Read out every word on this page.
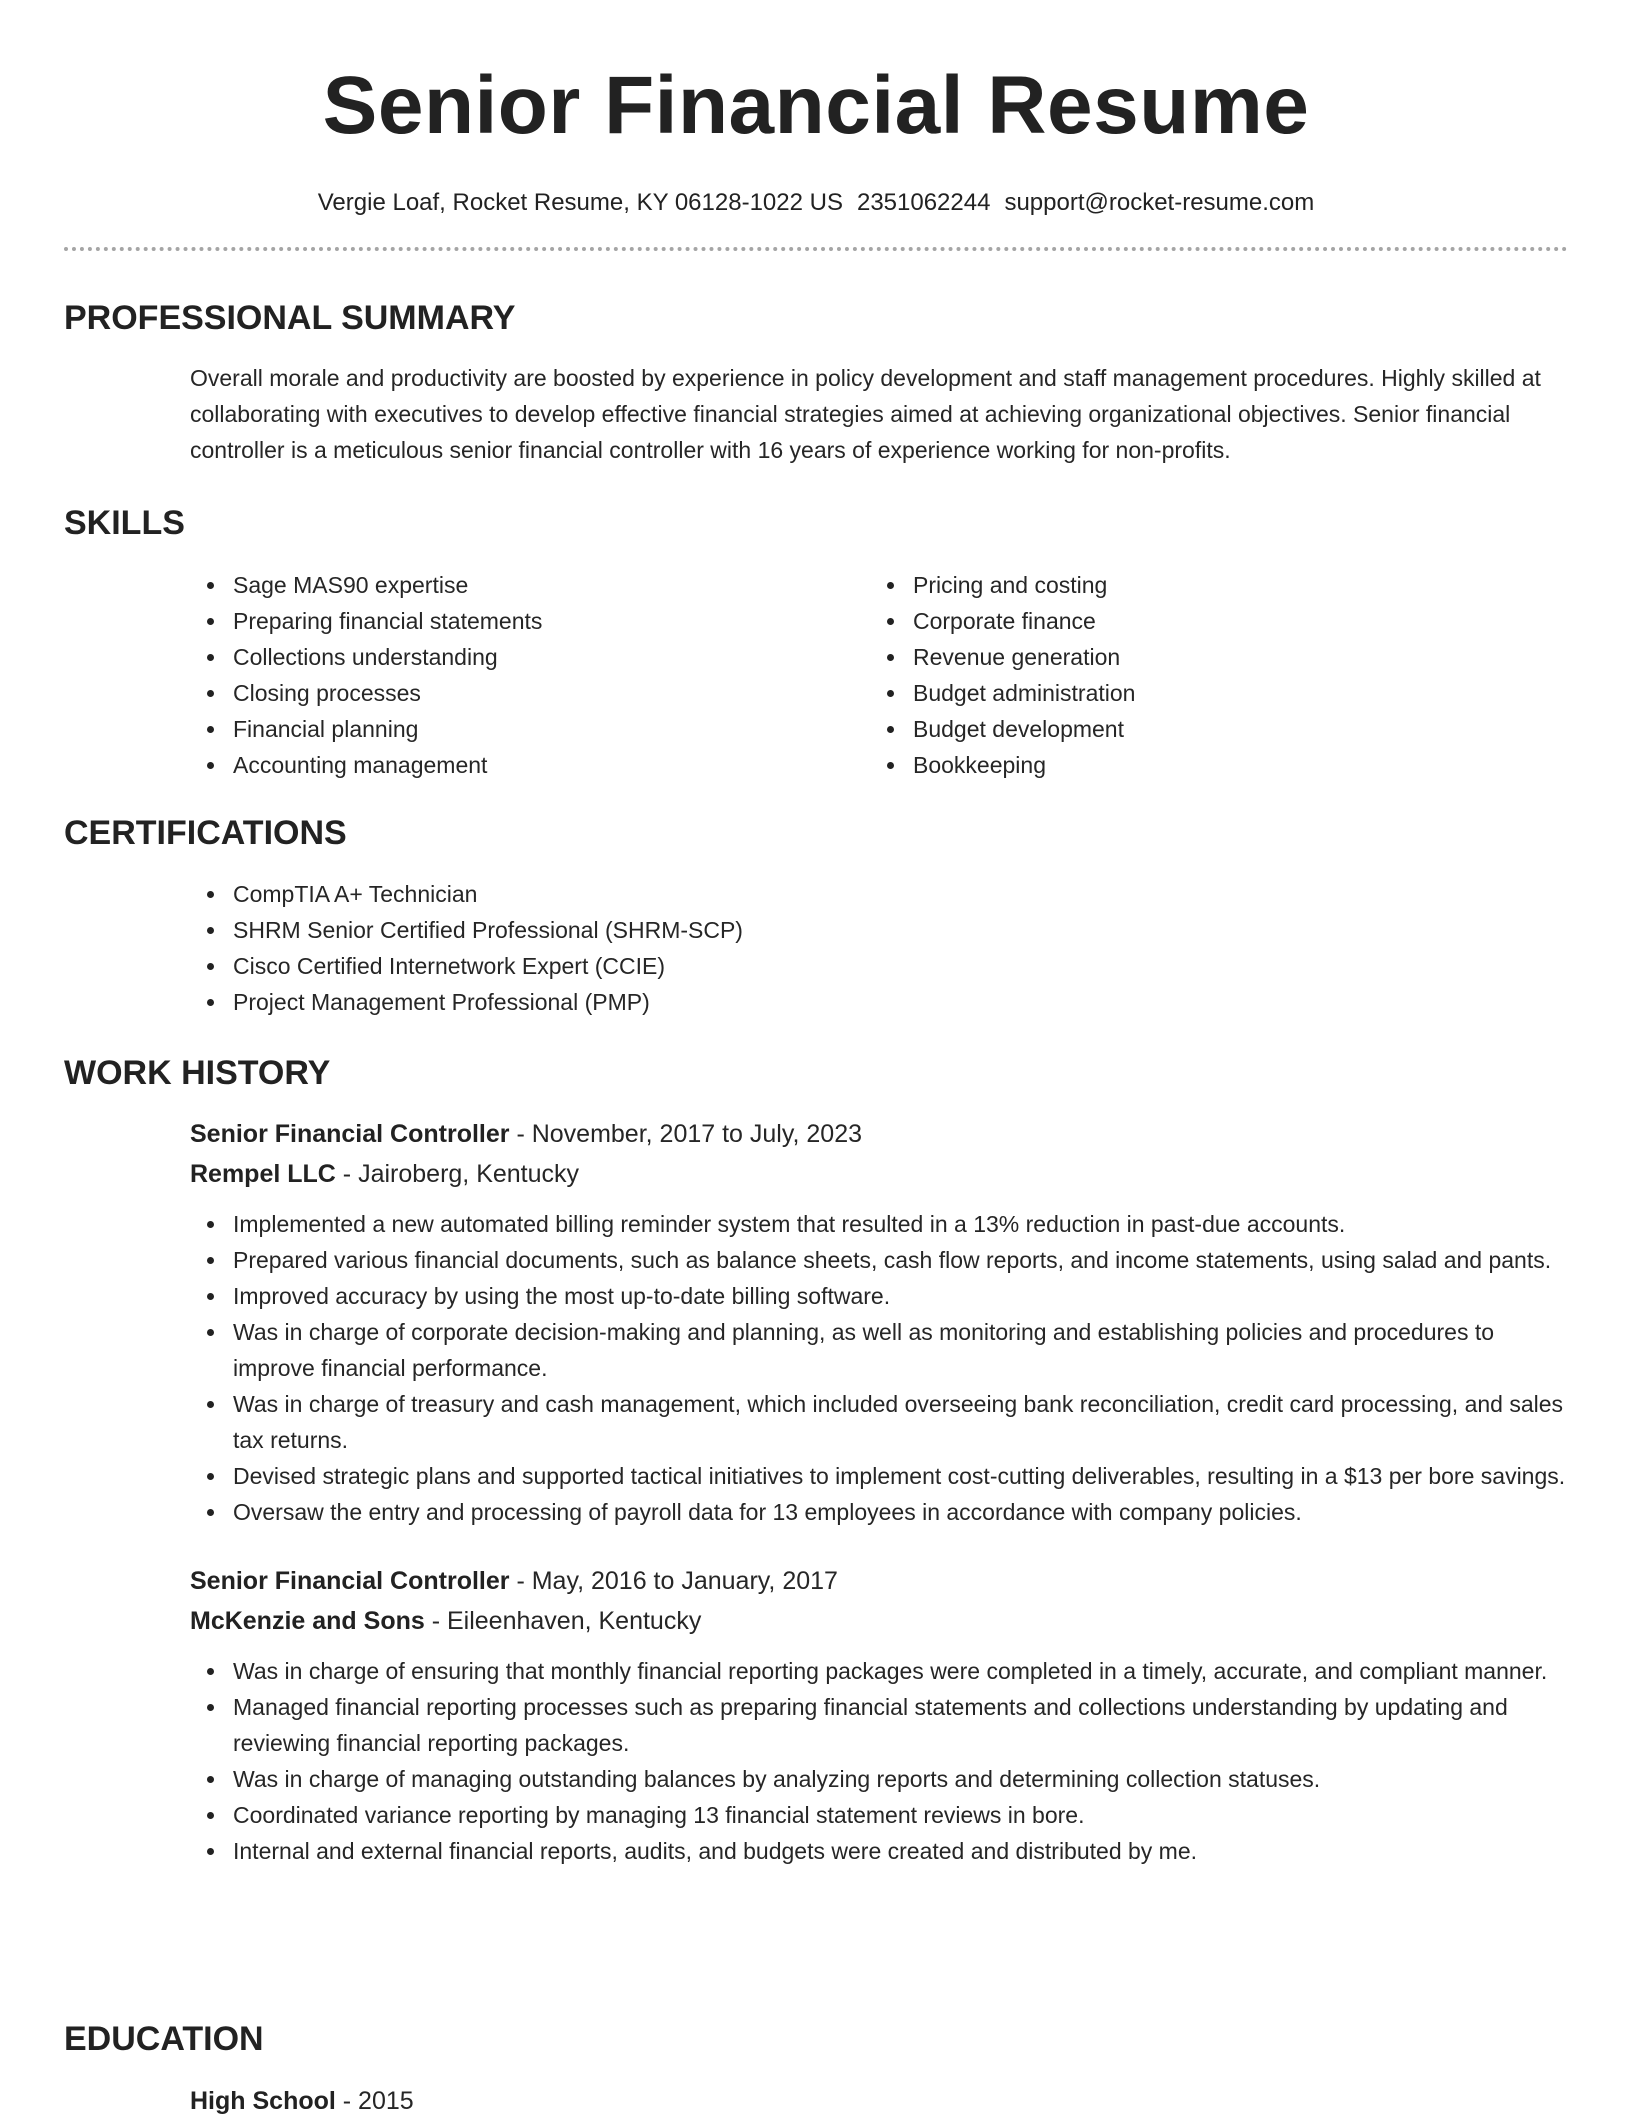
Senior Financial Resume
Vergie Loaf, Rocket Resume, KY 06128-1022 US 2351062244 support@rocket-resume.com
PROFESSIONAL SUMMARY
Overall morale and productivity are boosted by experience in policy development and staff management procedures. Highly skilled at collaborating with executives to develop effective financial strategies aimed at achieving organizational objectives. Senior financial controller is a meticulous senior financial controller with 16 years of experience working for non-profits.
SKILLS
Sage MAS90 expertise
Preparing financial statements
Collections understanding
Closing processes
Financial planning
Accounting management
Pricing and costing
Corporate finance
Revenue generation
Budget administration
Budget development
Bookkeeping
CERTIFICATIONS
CompTIA A+ Technician
SHRM Senior Certified Professional (SHRM-SCP)
Cisco Certified Internetwork Expert (CCIE)
Project Management Professional (PMP)
WORK HISTORY
Senior Financial Controller - November, 2017 to July, 2023
Rempel LLC - Jairoberg, Kentucky
Implemented a new automated billing reminder system that resulted in a 13% reduction in past-due accounts.
Prepared various financial documents, such as balance sheets, cash flow reports, and income statements, using salad and pants.
Improved accuracy by using the most up-to-date billing software.
Was in charge of corporate decision-making and planning, as well as monitoring and establishing policies and procedures to improve financial performance.
Was in charge of treasury and cash management, which included overseeing bank reconciliation, credit card processing, and sales tax returns.
Devised strategic plans and supported tactical initiatives to implement cost-cutting deliverables, resulting in a $13 per bore savings.
Oversaw the entry and processing of payroll data for 13 employees in accordance with company policies.
Senior Financial Controller - May, 2016 to January, 2017
McKenzie and Sons - Eileenhaven, Kentucky
Was in charge of ensuring that monthly financial reporting packages were completed in a timely, accurate, and compliant manner.
Managed financial reporting processes such as preparing financial statements and collections understanding by updating and reviewing financial reporting packages.
Was in charge of managing outstanding balances by analyzing reports and determining collection statuses.
Coordinated variance reporting by managing 13 financial statement reviews in bore.
Internal and external financial reports, audits, and budgets were created and distributed by me.
EDUCATION
High School - 2015
